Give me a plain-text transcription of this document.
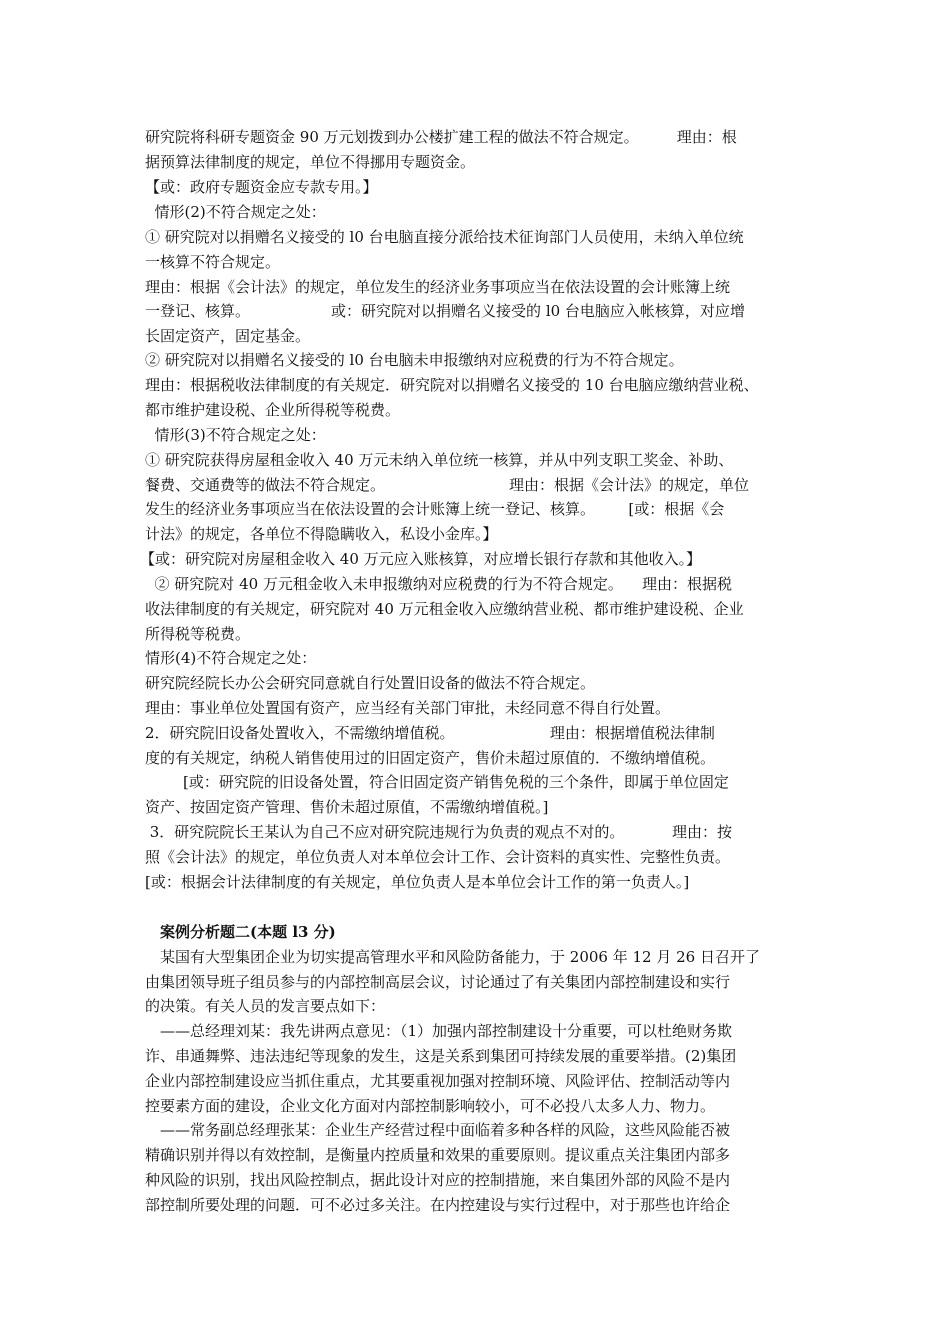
研究院将科研专题资金 90 万元划拨到办公楼扩建工程的做法不符合规定。        理由：根
据预算法律制度的规定，单位不得挪用专题资金。
【或：政府专题资金应专款专用。】
情形(2)不符合规定之处：
① 研究院对以捐赠名义接受的 l0 台电脑直接分派给技术征询部门人员使用，未纳入单位统
一核算不符合规定。
理由：根据《会计法》的规定，单位发生的经济业务事项应当在依法设置的会计账簿上统
一登记、核算。                 或：研究院对以捐赠名义接受的 l0 台电脑应入帐核算，对应增
长固定资产，固定基金。
② 研究院对以捐赠名义接受的 l0 台电脑未申报缴纳对应税费的行为不符合规定。
理由：根据税收法律制度的有关规定．研究院对以捐赠名义接受的 10 台电脑应缴纳营业税、
都市维护建设税、企业所得税等税费。
情形(3)不符合规定之处：
① 研究院获得房屋租金收入 40 万元未纳入单位统一核算，并从中列支职工奖金、补助、
餐费、交通费等的做法不符合规定。                          理由：根据《会计法》的规定，单位
发生的经济业务事项应当在依法设置的会计账簿上统一登记、核算。       [或：根据《会
计法》的规定，各单位不得隐瞒收入，私设小金库。】
【或：研究院对房屋租金收入 40 万元应入账核算，对应增长银行存款和其他收入。】
② 研究院对 40 万元租金收入未申报缴纳对应税费的行为不符合规定。    理由：根据税
收法律制度的有关规定，研究院对 40 万元租金收入应缴纳营业税、都市维护建设税、企业
所得税等税费。
情形(4)不符合规定之处：
研究院经院长办公会研究同意就自行处置旧设备的做法不符合规定。
理由：事业单位处置国有资产，应当经有关部门审批，未经同意不得自行处置。
2．研究院旧设备处置收入，不需缴纳增值税。                    理由：根据增值税法律制
度的有关规定，纳税人销售使用过的旧固定资产，售价未超过原值的．不缴纳增值税。
[或：研究院的旧设备处置，符合旧固定资产销售免税的三个条件，即属于单位固定
资产、按固定资产管理、售价未超过原值，不需缴纳增值税。]
3．研究院院长王某认为自己不应对研究院违规行为负责的观点不对的。          理由：按
照《会计法》的规定，单位负责人对本单位会计工作、会计资料的真实性、完整性负责。
[或：根据会计法律制度的有关规定，单位负责人是本单位会计工作的第一负责人。]
案例分析题二(本题 l3 分)
某国有大型集团企业为切实提高管理水平和风险防备能力，于 2006 年 12 月 26 日召开了
由集团领导班子组员参与的内部控制高层会议，讨论通过了有关集团内部控制建设和实行
的决策。有关人员的发言要点如下：
——总经理刘某：我先讲两点意见：（1）加强内部控制建设十分重要，可以杜绝财务欺
诈、串通舞弊、违法违纪等现象的发生，这是关系到集团可持续发展的重要举措。(2)集团
企业内部控制建设应当抓住重点，尤其要重视加强对控制环境、风险评估、控制活动等内
控要素方面的建设，企业文化方面对内部控制影响较小，可不必投八太多人力、物力。
——常务副总经理张某：企业生产经营过程中面临着多种各样的风险，这些风险能否被
精确识别并得以有效控制，是衡量内控质量和效果的重要原则。提议重点关注集团内部多
种风险的识别，找出风险控制点，据此设计对应的控制措施，来自集团外部的风险不是内
部控制所要处理的问题．可不必过多关注。在内控建设与实行过程中，对于那些也许给企
